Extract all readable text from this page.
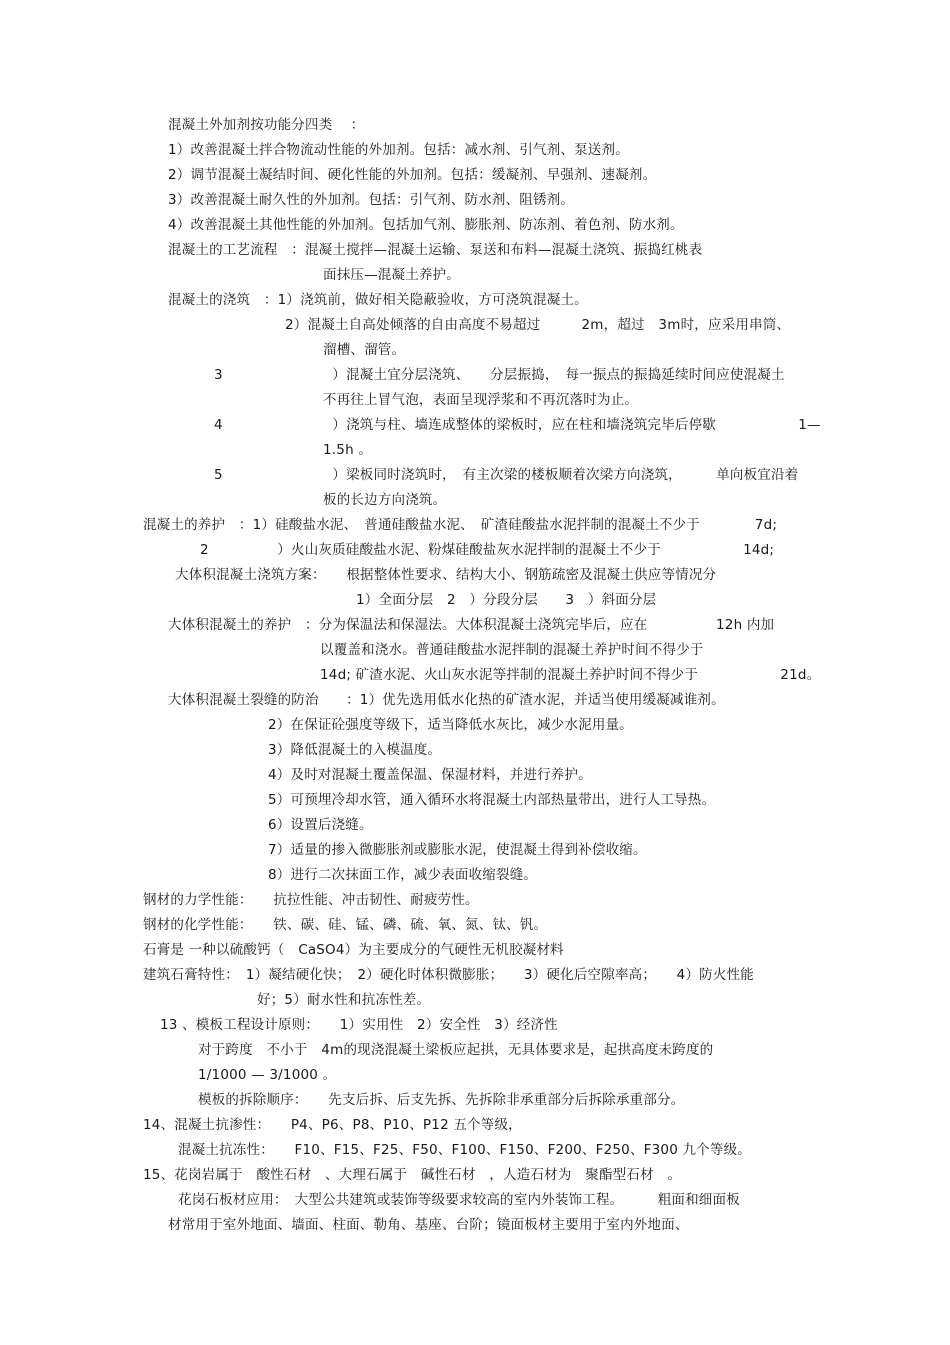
混凝土外加剂按功能分四类　 ：
1）改善混凝土拌合物流动性能的外加剂。包括：减水剂、引气剂、泵送剂。
2）调节混凝土凝结时间、硬化性能的外加剂。包括：缓凝剂、早强剂、速凝剂。
3）改善混凝土耐久性的外加剂。包括：引气剂、防水剂、阻锈剂。
4）改善混凝土其他性能的外加剂。包括加气剂、膨胀剂、防冻剂、着色剂、防水剂。
混凝土的工艺流程　：混凝土搅拌—混凝土运输、泵送和布料—混凝土浇筑、振捣红桃表
面抹压—混凝土养护。
混凝土的浇筑　：1）浇筑前，做好相关隐蔽验收，方可浇筑混凝土。
2）混凝土自高处倾落的自由高度不易超过　　　2m，超过　3m时，应采用串筒、
溜槽、溜管。
3　　　　　　　　）混凝土宜分层浇筑、　　分层振捣，　每一振点的振捣延续时间应使混凝土
不再往上冒气泡，表面呈现浮浆和不再沉落时为止。
4　　　　　　　　）浇筑与柱、墙连成整体的梁板时，应在柱和墙浇筑完毕后停歇　　　　　　1—
1.5h 。
5　　　　　　　　）梁板同时浇筑时，　有主次梁的楼板顺着次梁方向浇筑，　　　单向板宜沿着
板的长边方向浇筑。
混凝土的养护　：1）硅酸盐水泥、　普通硅酸盐水泥、　矿渣硅酸盐水泥拌制的混凝土不少于　　　　7d;
2　　　　　）火山灰质硅酸盐水泥、粉煤硅酸盐灰水泥拌制的混凝土不少于　　　　　　14d;
大体积混凝土浇筑方案：　　根据整体性要求、结构大小、钢筋疏密及混凝土供应等情况分
1）全面分层　2　）分段分层　　3　）斜面分层
大体积混凝土的养护　：分为保温法和保湿法。大体积混凝土浇筑完毕后，应在　　　　　12h 内加
以覆盖和浇水。普通硅酸盐水泥拌制的混凝土养护时间不得少于
14d; 矿渣水泥、火山灰水泥等拌制的混凝土养护时间不得少于　　　　　　21d。
大体积混凝土裂缝的防治　　：1）优先选用低水化热的矿渣水泥，并适当使用缓凝减谁剂。
2）在保证砼强度等级下，适当降低水灰比，减少水泥用量。
3）降低混凝土的入模温度。
4）及时对混凝土覆盖保温、保湿材料，并进行养护。
5）可预埋冷却水管，通入循环水将混凝土内部热量带出，进行人工导热。
6）设置后浇缝。
7）适量的掺入微膨胀剂或膨胀水泥，使混凝土得到补偿收缩。
8）进行二次抹面工作，减少表面收缩裂缝。
钢材的力学性能：　　抗拉性能、冲击韧性、耐疲劳性。
钢材的化学性能：　　铁、碳、硅、锰、磷、硫、氧、氮、钛、钒。
石膏是 一种以硫酸钙（　CaSO4）为主要成分的气硬性无机胶凝材料
建筑石膏特性：　1）凝结硬化快；　2）硬化时体积微膨胀；　　3）硬化后空隙率高；　　4）防火性能
好；5）耐水性和抗冻性差。
13 、模板工程设计原则：　　1）实用性　2）安全性　3）经济性
对于跨度　不小于　4m的现浇混凝土梁板应起拱，无具体要求是，起拱高度未跨度的
1/1000 — 3/1000 。
模板的拆除顺序：　　先支后拆、后支先拆、先拆除非承重部分后拆除承重部分。
14、混凝土抗渗性：　　P4、P6、P8、P10、P12 五个等级，
混凝土抗冻性：　　F10、F15、F25、F50、F100、F150、F200、F250、F300 九个等级。
15、花岗岩属于　酸性石材　、大理石属于　碱性石材　，人造石材为　聚酯型石材　。
花岗石板材应用：　大型公共建筑或装饰等级要求较高的室内外装饰工程。　　　粗面和细面板
材常用于室外地面、墙面、柱面、勒角、基座、台阶；镜面板材主要用于室内外地面、
